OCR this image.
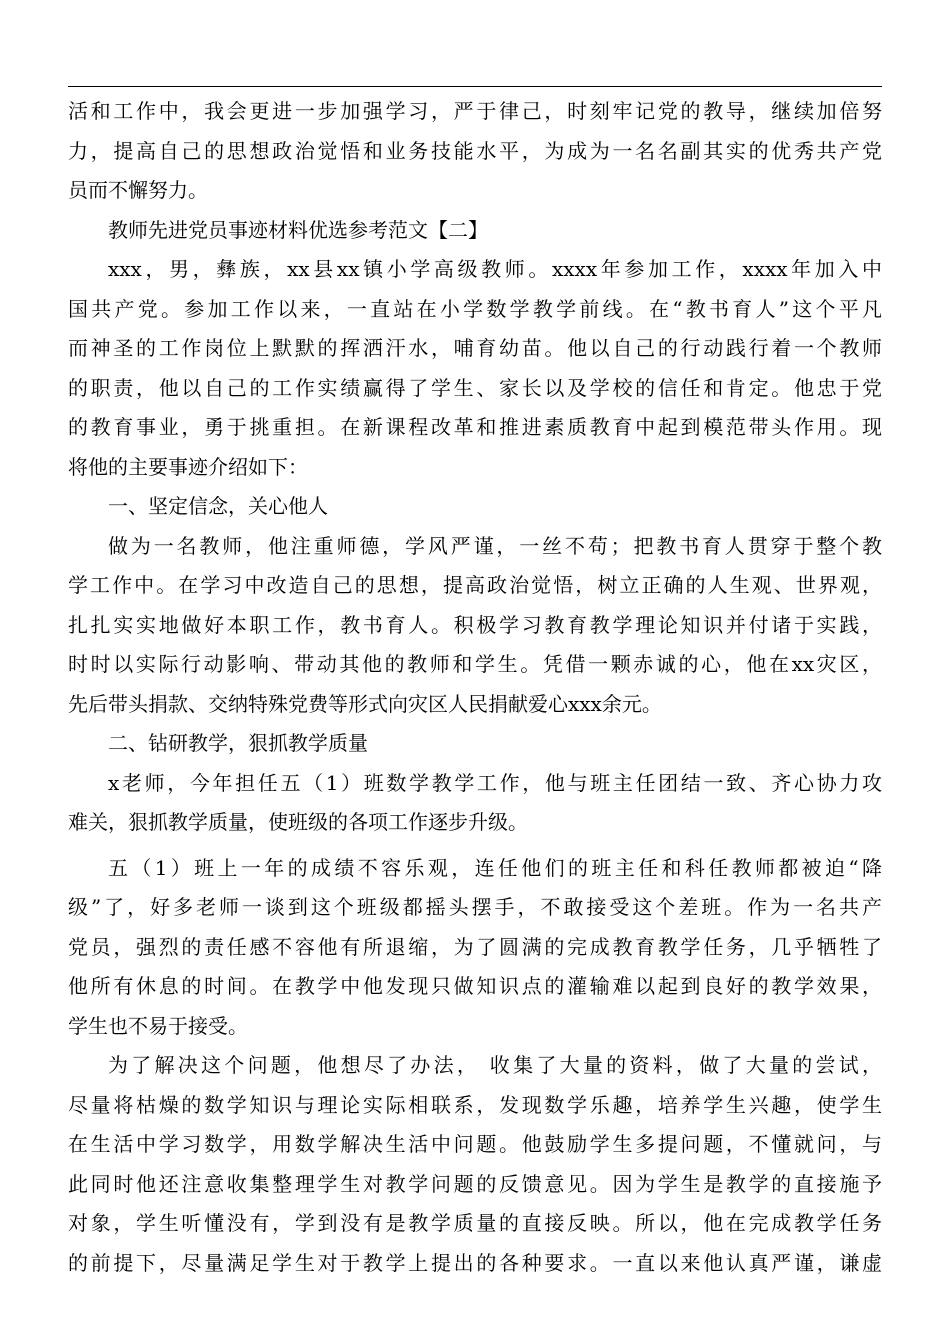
活和工作中，我会更进一步加强学习，严于律己，时刻牢记党的教导，继续加倍努
力，提高自己的思想政治觉悟和业务技能水平，为成为一名名副其实的优秀共产党
员而不懈努力。
教师先进党员事迹材料优选参考范文【二】
xxx，男，彝族，xx县xx镇小学高级教师。xxxx年参加工作，xxxx年加入中
国共产党。参加工作以来，一直站在小学数学教学前线。在“教书育人”这个平凡
而神圣的工作岗位上默默的挥洒汗水，哺育幼苗。他以自己的行动践行着一个教师
的职责，他以自己的工作实绩赢得了学生、家长以及学校的信任和肯定。他忠于党
的教育事业，勇于挑重担。在新课程改革和推进素质教育中起到模范带头作用。现
将他的主要事迹介绍如下：
一、坚定信念，关心他人
做为一名教师，他注重师德，学风严谨，一丝不苟；把教书育人贯穿于整个教
学工作中。在学习中改造自己的思想，提高政治觉悟，树立正确的人生观、世界观，
扎扎实实地做好本职工作，教书育人。积极学习教育教学理论知识并付诸于实践，
时时以实际行动影响、带动其他的教师和学生。凭借一颗赤诚的心，他在xx灾区，
先后带头捐款、交纳特殊党费等形式向灾区人民捐献爱心xxx余元。
二、钻研教学，狠抓教学质量
x老师，今年担任五（1）班数学教学工作，他与班主任团结一致、齐心协力攻
难关，狠抓教学质量，使班级的各项工作逐步升级。
五（1）班上一年的成绩不容乐观，连任他们的班主任和科任教师都被迫“降
级”了，好多老师一谈到这个班级都摇头摆手，不敢接受这个差班。作为一名共产
党员，强烈的责任感不容他有所退缩，为了圆满的完成教育教学任务，几乎牺牲了
他所有休息的时间。在教学中他发现只做知识点的灌输难以起到良好的教学效果，
学生也不易于接受。
为了解决这个问题，他想尽了办法， 收集了大量的资料，做了大量的尝试，
尽量将枯燥的数学知识与理论实际相联系，发现数学乐趣，培养学生兴趣，使学生
在生活中学习数学，用数学解决生活中问题。他鼓励学生多提问题，不懂就问，与
此同时他还注意收集整理学生对教学问题的反馈意见。因为学生是教学的直接施予
对象，学生听懂没有，学到没有是教学质量的直接反映。所以，他在完成教学任务
的前提下，尽量满足学生对于教学上提出的各种要求。一直以来他认真严谨，谦虚
